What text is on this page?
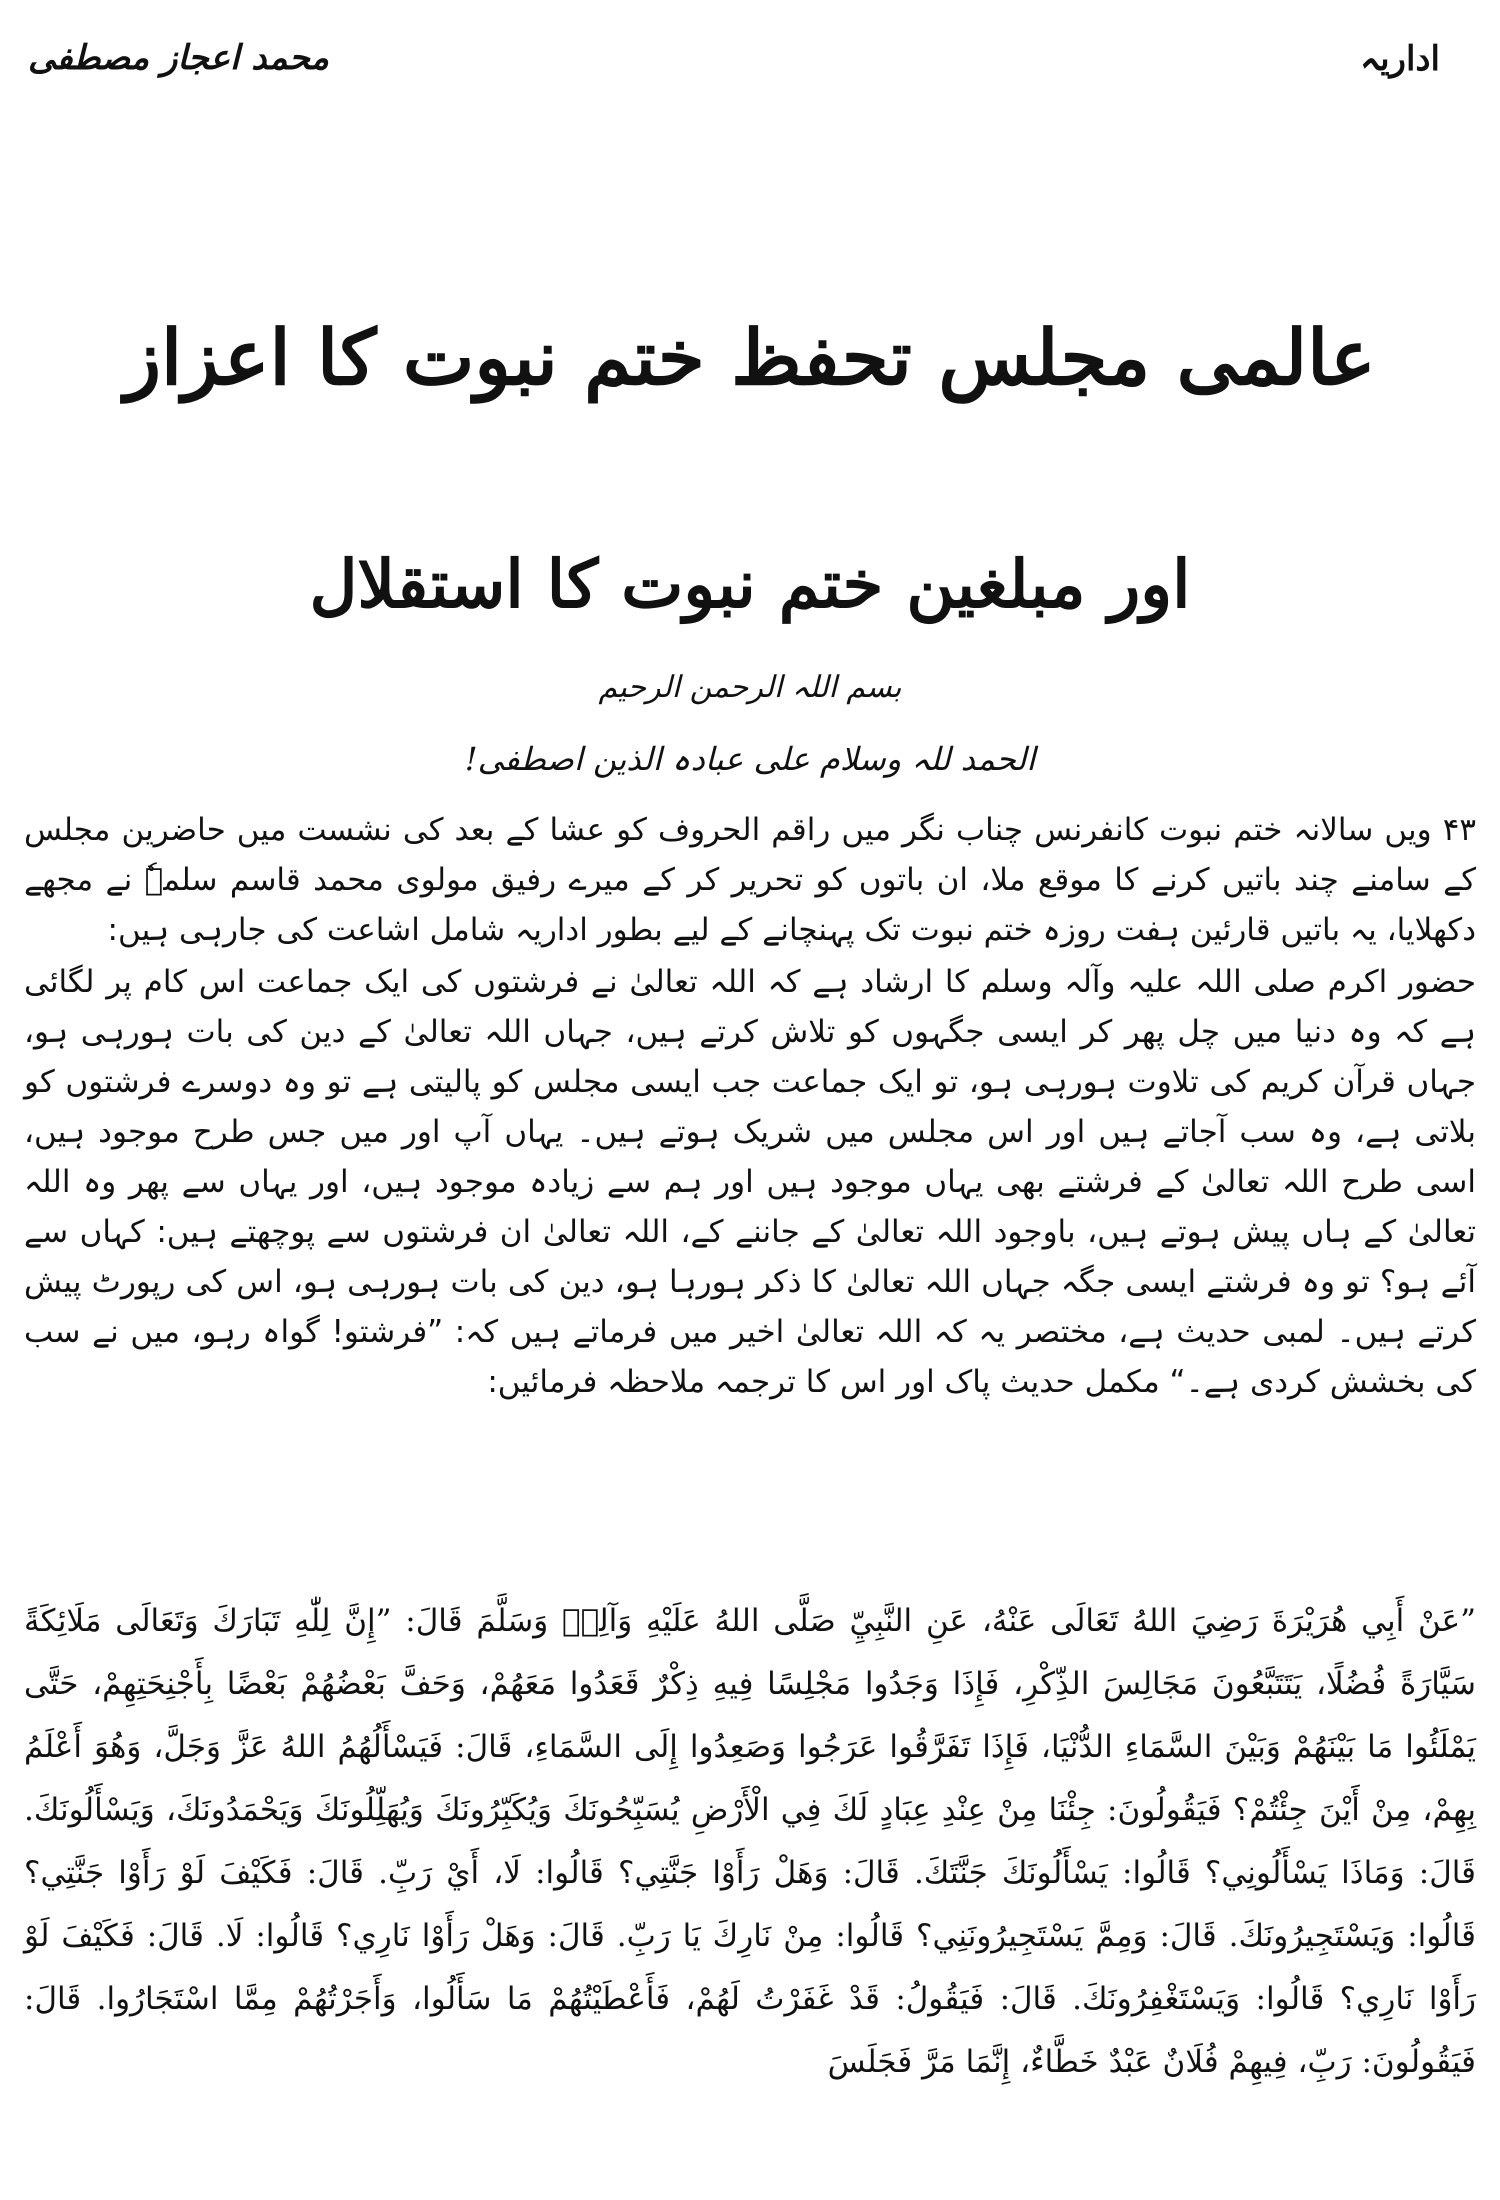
اداریہ
محمد اعجاز مصطفی
عالمی مجلس تحفظ ختم نبوت کا اعزاز
اور مبلغین ختم نبوت کا استقلال
بسم اللہ الرحمن الرحیم
الحمد للہ وسلام علی عبادہ الذین اصطفی!

۴۳ ویں سالانہ ختم نبوت کانفرنس چناب نگر میں راقم الحروف کو عشا کے بعد کی نشست میں حاضرین مجلس کے سامنے چند باتیں کرنے کا موقع ملا، ان باتوں کو تحریر کر کے میرے رفیق مولوی محمد قاسم سلمہٗ نے مجھے دکھلایا، یہ باتیں قارئین ہفت روزہ ختم نبوت تک پہنچانے کے لیے بطور اداریہ شامل اشاعت کی جارہی ہیں:

حضور اکرم صلی اللہ علیہ وآلہ وسلم کا ارشاد ہے کہ اللہ تعالیٰ نے فرشتوں کی ایک جماعت اس کام پر لگائی ہے کہ وہ دنیا میں چل پھر کر ایسی جگہوں کو تلاش کرتے ہیں، جہاں اللہ تعالیٰ کے دین کی بات ہورہی ہو، جہاں قرآن کریم کی تلاوت ہورہی ہو، تو ایک جماعت جب ایسی مجلس کو پالیتی ہے تو وہ دوسرے فرشتوں کو بلاتی ہے، وہ سب آجاتے ہیں اور اس مجلس میں شریک ہوتے ہیں۔ یہاں آپ اور میں جس طرح موجود ہیں، اسی طرح اللہ تعالیٰ کے فرشتے بھی یہاں موجود ہیں اور ہم سے زیادہ موجود ہیں، اور یہاں سے پھر وہ اللہ تعالیٰ کے ہاں پیش ہوتے ہیں، باوجود اللہ تعالیٰ کے جاننے کے، اللہ تعالیٰ ان فرشتوں سے پوچھتے ہیں: کہاں سے آئے ہو؟ تو وہ فرشتے ایسی جگہ جہاں اللہ تعالیٰ کا ذکر ہورہا ہو، دین کی بات ہورہی ہو، اس کی رپورٹ پیش کرتے ہیں۔ لمبی حدیث ہے، مختصر یہ کہ اللہ تعالیٰ اخیر میں فرماتے ہیں کہ: ”فرشتو! گواہ رہو، میں نے سب کی بخشش کردی ہے۔“ مکمل حدیث پاک اور اس کا ترجمہ ملاحظہ فرمائیں:

”عَنْ أَبِي هُرَيْرَةَ رَضِيَ اللهُ تَعَالَى عَنْهُ، عَنِ النَّبِيِّ صَلَّى اللهُ عَلَيْهِ وَآلِهٖ وَسَلَّمَ قَالَ: ”إِنَّ لِلّٰهِ تَبَارَكَ وَتَعَالَى مَلَائِكَةً سَيَّارَةً فُضُلًا، يَتَتَبَّعُونَ مَجَالِسَ الذِّكْرِ، فَإِذَا وَجَدُوا مَجْلِسًا فِيهِ ذِكْرٌ قَعَدُوا مَعَهُمْ، وَحَفَّ بَعْضُهُمْ بَعْضًا بِأَجْنِحَتِهِمْ، حَتَّى يَمْلَئُوا مَا بَيْنَهُمْ وَبَيْنَ السَّمَاءِ الدُّنْيَا، فَإِذَا تَفَرَّقُوا عَرَجُوا وَصَعِدُوا إِلَى السَّمَاءِ، قَالَ: فَيَسْأَلُهُمُ اللهُ عَزَّ وَجَلَّ، وَهُوَ أَعْلَمُ بِهِمْ، مِنْ أَيْنَ جِئْتُمْ؟ فَيَقُولُونَ: جِئْنَا مِنْ عِنْدِ عِبَادٍ لَكَ فِي الْأَرْضِ يُسَبِّحُونَكَ وَيُكَبِّرُونَكَ وَيُهَلِّلُونَكَ وَيَحْمَدُونَكَ، وَيَسْأَلُونَكَ. قَالَ: وَمَاذَا يَسْأَلُونِي؟ قَالُوا: يَسْأَلُونَكَ جَنَّتَكَ. قَالَ: وَهَلْ رَأَوْا جَنَّتِي؟ قَالُوا: لَا، أَيْ رَبِّ. قَالَ: فَكَيْفَ لَوْ رَأَوْا جَنَّتِي؟ قَالُوا: وَيَسْتَجِيرُونَكَ. قَالَ: وَمِمَّ يَسْتَجِيرُونَنِي؟ قَالُوا: مِنْ نَارِكَ يَا رَبِّ. قَالَ: وَهَلْ رَأَوْا نَارِي؟ قَالُوا: لَا. قَالَ: فَكَيْفَ لَوْ رَأَوْا نَارِي؟ قَالُوا: وَيَسْتَغْفِرُونَكَ. قَالَ: فَيَقُولُ: قَدْ غَفَرْتُ لَهُمْ، فَأَعْطَيْتُهُمْ مَا سَأَلُوا، وَأَجَرْتُهُمْ مِمَّا اسْتَجَارُوا. قَالَ: فَيَقُولُونَ: رَبِّ، فِيهِمْ فُلَانٌ عَبْدٌ خَطَّاءٌ، إِنَّمَا مَرَّ فَجَلَسَ
